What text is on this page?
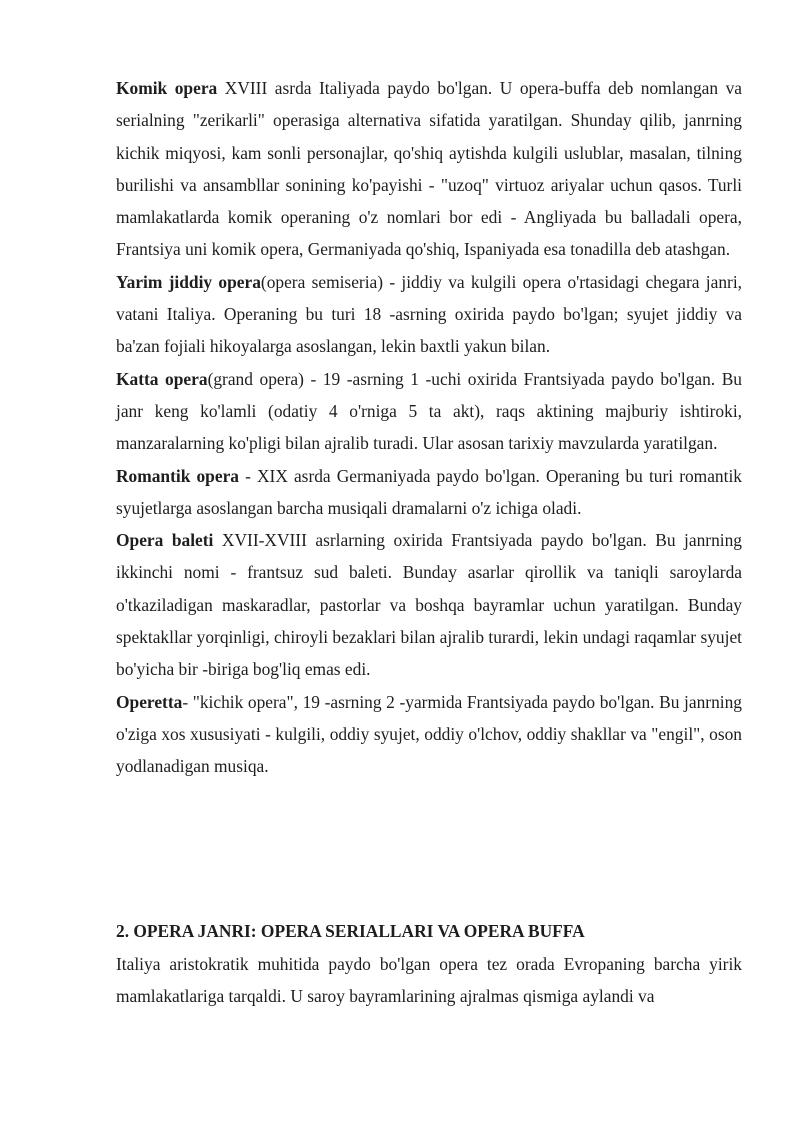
Komik opera XVIII asrda Italiyada paydo bo'lgan. U opera-buffa deb nomlangan va serialning "zerikarli" operasiga alternativa sifatida yaratilgan. Shunday qilib, janrning kichik miqyosi, kam sonli personajlar, qo'shiq aytishda kulgili uslublar, masalan, tilning burilishi va ansambllar sonining ko'payishi - "uzoq" virtuoz ariyalar uchun qasos. Turli mamlakatlarda komik operaning o'z nomlari bor edi - Angliyada bu balladali opera, Frantsiya uni komik opera, Germaniyada qo'shiq, Ispaniyada esa tonadilla deb atashgan.

Yarim jiddiy opera(opera semiseria) - jiddiy va kulgili opera o'rtasidagi chegara janri, vatani Italiya. Operaning bu turi 18 -asrning oxirida paydo bo'lgan; syujet jiddiy va ba'zan fojiali hikoyalarga asoslangan, lekin baxtli yakun bilan.

Katta opera(grand opera) - 19 -asrning 1 -uchi oxirida Frantsiyada paydo bo'lgan. Bu janr keng ko'lamli (odatiy 4 o'rniga 5 ta akt), raqs aktining majburiy ishtiroki, manzaralarning ko'pligi bilan ajralib turadi. Ular asosan tarixiy mavzularda yaratilgan.

Romantik opera - XIX asrda Germaniyada paydo bo'lgan. Operaning bu turi romantik syujetlarga asoslangan barcha musiqali dramalarni o'z ichiga oladi.

Opera baleti XVII-XVIII asrlarning oxirida Frantsiyada paydo bo'lgan. Bu janrning ikkinchi nomi - frantsuz sud baleti. Bunday asarlar qirollik va taniqli saroylarda o'tkaziladigan maskaradlar, pastorlar va boshqa bayramlar uchun yaratilgan. Bunday spektakllar yorqinligi, chiroyli bezaklari bilan ajralib turardi, lekin undagi raqamlar syujet bo'yicha bir -biriga bog'liq emas edi.

Operetta- "kichik opera", 19 -asrning 2 -yarmida Frantsiyada paydo bo'lgan. Bu janrning o'ziga xos xususiyati - kulgili, oddiy syujet, oddiy o'lchov, oddiy shakllar va "engil", oson yodlanadigan musiqa.

2. OPERA JANRI: OPERA SERIALLARI VA OPERA BUFFA

Italiya aristokratik muhitida paydo bo'lgan opera tez orada Evropaning barcha yirik mamlakatlariga tarqaldi. U saroy bayramlarining ajralmas qismiga aylandi va
